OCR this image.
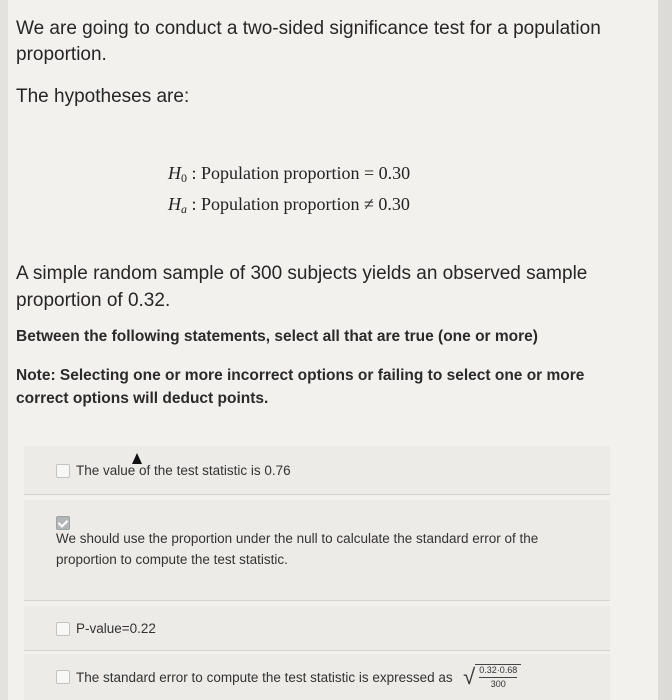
We are going to conduct a two-sided significance test for a population proportion.
The hypotheses are:
$H_0$ : Population proportion = 0.30
$H_a$ : Population proportion ≠ 0.30
A simple random sample of 300 subjects yields an observed sample proportion of 0.32.
Between the following statements, select all that are true (one or more)
Note: Selecting one or more incorrect options or failing to select one or more correct options will deduct points.
The value of the test statistic is 0.76
We should use the proportion under the null to calculate the standard error of the proportion to compute the test statistic.
P-value=0.22
The standard error to compute the test statistic is expressed as √ $\frac{0.32\cdot 0.68}{300}$
